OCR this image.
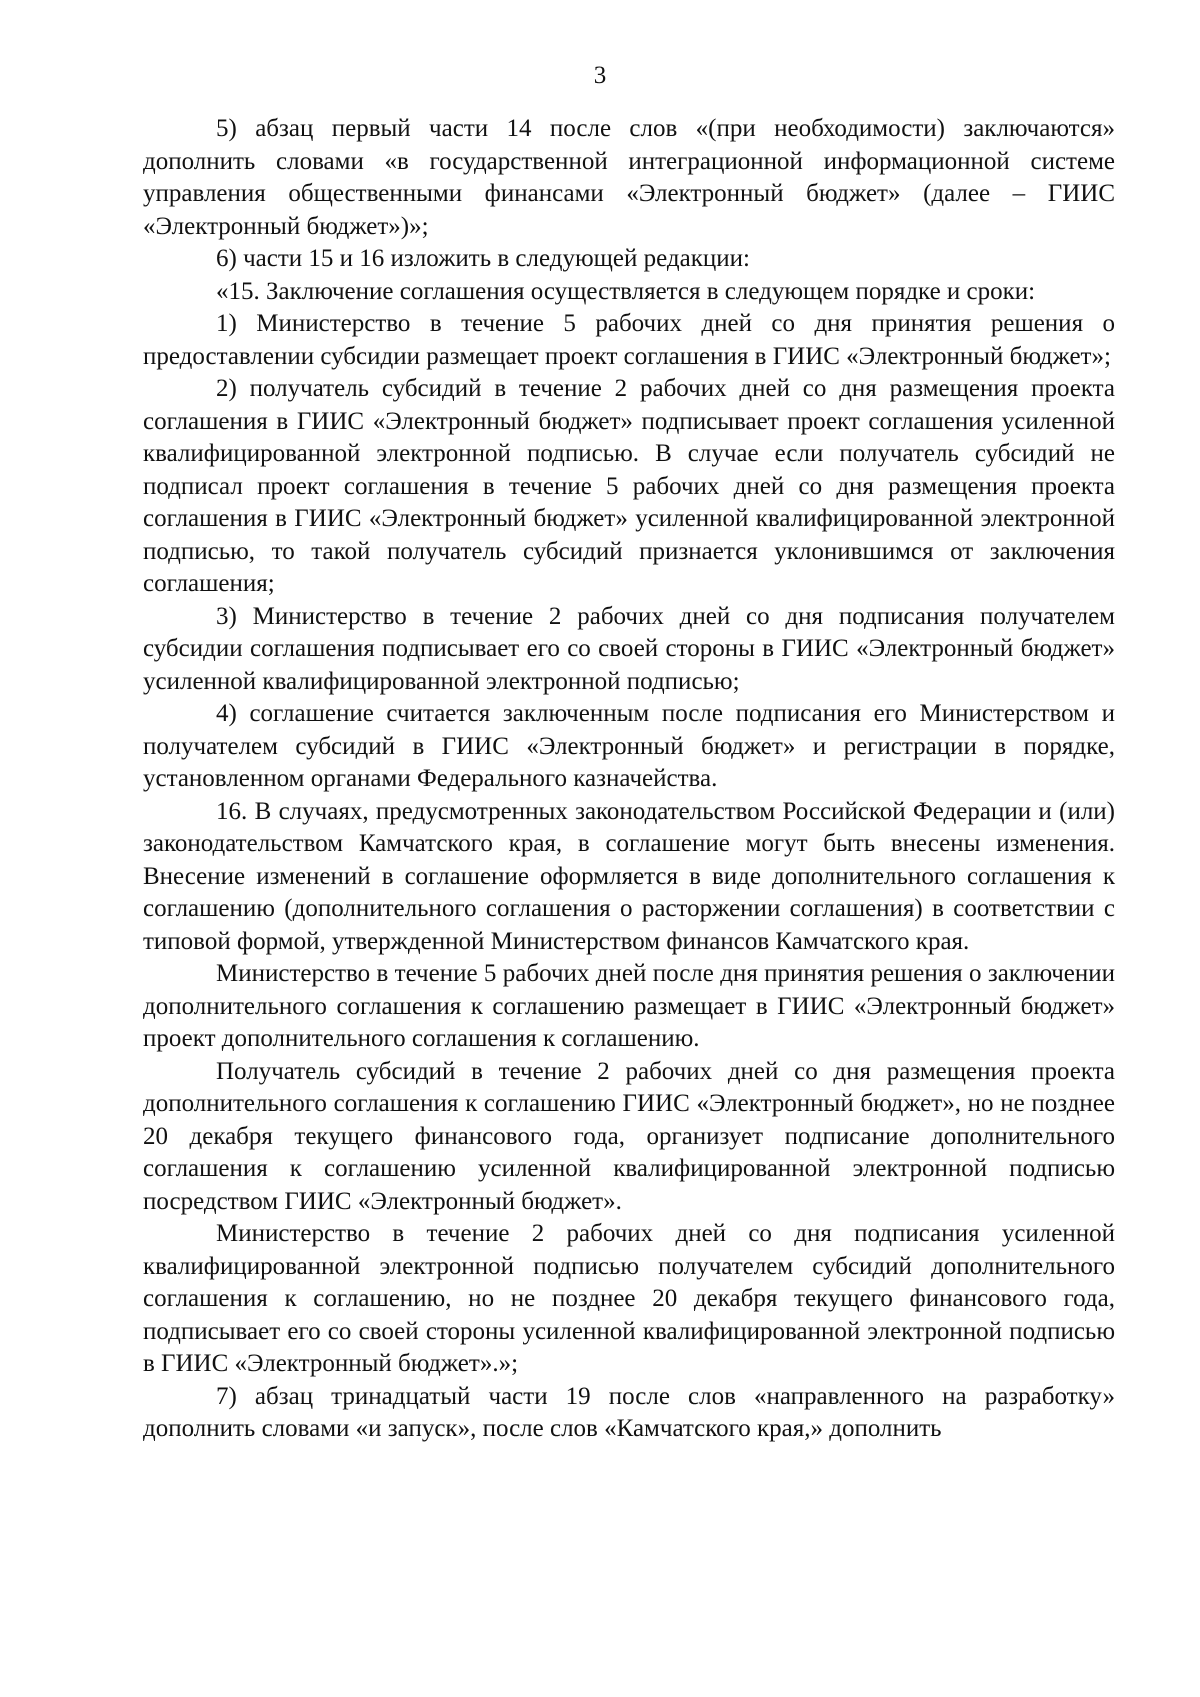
3

5) абзац первый части 14 после слов «(при необходимости) заключаются» дополнить словами «в государственной интеграционной информационной системе управления общественными финансами «Электронный бюджет» (далее – ГИИС «Электронный бюджет»)»;

6) части 15 и 16 изложить в следующей редакции:

«15. Заключение соглашения осуществляется в следующем порядке и сроки:

1) Министерство в течение 5 рабочих дней со дня принятия решения о предоставлении субсидии размещает проект соглашения в ГИИС «Электронный бюджет»;

2) получатель субсидий в течение 2 рабочих дней со дня размещения проекта соглашения в ГИИС «Электронный бюджет» подписывает проект соглашения усиленной квалифицированной электронной подписью. В случае если получатель субсидий не подписал проект соглашения в течение 5 рабочих дней со дня размещения проекта соглашения в ГИИС «Электронный бюджет» усиленной квалифицированной электронной подписью, то такой получатель субсидий признается уклонившимся от заключения соглашения;

3) Министерство в течение 2 рабочих дней со дня подписания получателем субсидии соглашения подписывает его со своей стороны в ГИИС «Электронный бюджет» усиленной квалифицированной электронной подписью;

4) соглашение считается заключенным после подписания его Министерством и получателем субсидий в ГИИС «Электронный бюджет» и регистрации в порядке, установленном органами Федерального казначейства.

16. В случаях, предусмотренных законодательством Российской Федерации и (или) законодательством Камчатского края, в соглашение могут быть внесены изменения. Внесение изменений в соглашение оформляется в виде дополнительного соглашения к соглашению (дополнительного соглашения о расторжении соглашения) в соответствии с типовой формой, утвержденной Министерством финансов Камчатского края.

Министерство в течение 5 рабочих дней после дня принятия решения о заключении дополнительного соглашения к соглашению размещает в ГИИС «Электронный бюджет» проект дополнительного соглашения к соглашению.

Получатель субсидий в течение 2 рабочих дней со дня размещения проекта дополнительного соглашения к соглашению ГИИС «Электронный бюджет», но не позднее 20 декабря текущего финансового года, организует подписание дополнительного соглашения к соглашению усиленной квалифицированной электронной подписью посредством ГИИС «Электронный бюджет».

Министерство в течение 2 рабочих дней со дня подписания усиленной квалифицированной электронной подписью получателем субсидий дополнительного соглашения к соглашению, но не позднее 20 декабря текущего финансового года, подписывает его со своей стороны усиленной квалифицированной электронной подписью в ГИИС «Электронный бюджет».»;

7) абзац тринадцатый части 19 после слов «направленного на разработку» дополнить словами «и запуск», после слов «Камчатского края,» дополнить
